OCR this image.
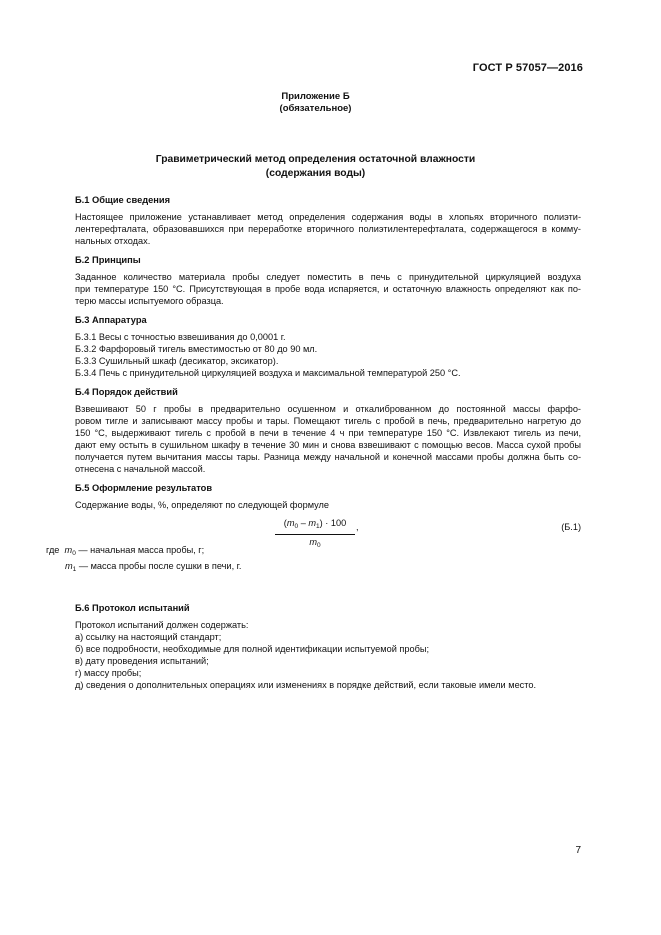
ГОСТ Р 57057—2016
Приложение Б
(обязательное)
Гравиметрический метод определения остаточной влажности
(содержания воды)
Б.1 Общие сведения
Настоящее приложение устанавливает метод определения содержания воды в хлопьях вторичного полиэти-
лентерефталата, образовавшихся при переработке вторичного полиэтилентерефталата, содержащегося в комму-
нальных отходах.
Б.2 Принципы
Заданное количество материала пробы следует поместить в печь с принудительной циркуляцией воздуха
при температуре 150 °C. Присутствующая в пробе вода испаряется, и остаточную влажность определяют как по-
терю массы испытуемого образца.
Б.3 Аппаратура
Б.3.1 Весы с точностью взвешивания до 0,0001 г.
Б.3.2 Фарфоровый тигель вместимостью от 80 до 90 мл.
Б.3.3 Сушильный шкаф (десикатор, эксикатор).
Б.3.4 Печь с принудительной циркуляцией воздуха и максимальной температурой 250 °C.
Б.4 Порядок действий
Взвешивают 50 г пробы в предварительно осушенном и откалиброванном до постоянной массы фарфо-
ровом тигле и записывают массу пробы и тары. Помещают тигель с пробой в печь, предварительно нагретую до
150 °C, выдерживают тигель с пробой в печи в течение 4 ч при температуре 150 °C. Извлекают тигель из печи,
дают ему остыть в сушильном шкафу в течение 30 мин и снова взвешивают с помощью весов. Масса сухой пробы
получается путем вычитания массы тары. Разница между начальной и конечной массами пробы должна быть со-
отнесена с начальной массой.
Б.5 Оформление результатов
Содержание воды, %, определяют по следующей формуле
$\frac{(m_0 - m_1) \cdot 100}{m_0}$ ,	(Б.1)
где $m_0$ — начальная масса пробы, г;
$m_1$ — масса пробы после сушки в печи, г.
Б.6 Протокол испытаний
Протокол испытаний должен содержать:
а) ссылку на настоящий стандарт;
б) все подробности, необходимые для полной идентификации испытуемой пробы;
в) дату проведения испытаний;
г) массу пробы;
д) сведения о дополнительных операциях или изменениях в порядке действий, если таковые имели место.
7
